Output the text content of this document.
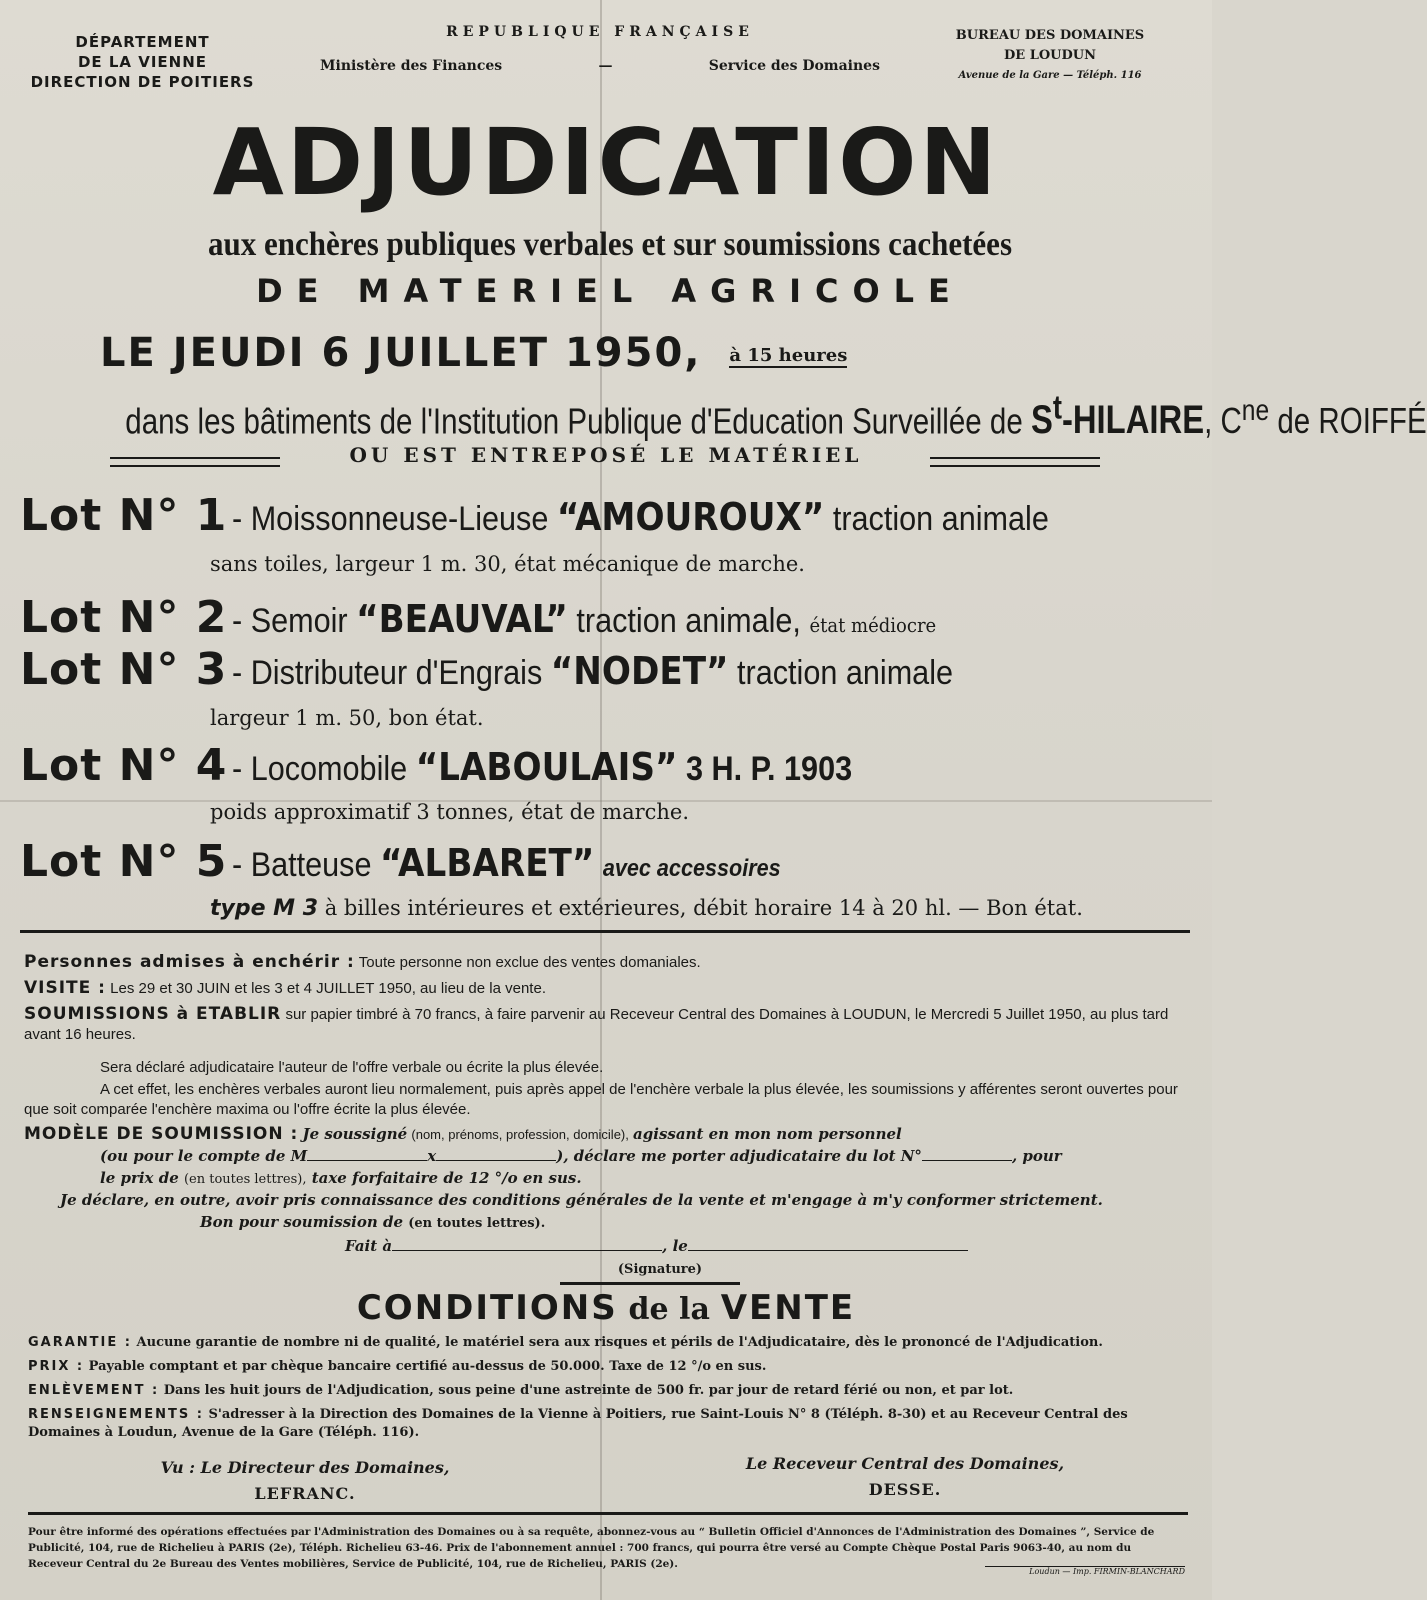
DÉPARTEMENT
DE LA VIENNE
DIRECTION DE POITIERS
REPUBLIQUE FRANÇAISE
Ministère des Finances	—	Service des Domaines
BUREAU DES DOMAINES
DE LOUDUN
Avenue de la Gare — Téléph. 116
ADJUDICATION
aux enchères publiques verbales et sur soumissions cachetées
DE MATERIEL AGRICOLE
LE JEUDI 6 JUILLET 1950, à 15 heures
dans les bâtiments de l'Institution Publique d'Education Surveillée de $S^t$-HILAIRE, $C^{ne}$ de ROIFFÉ
OU EST ENTREPOSÉ LE MATÉRIEL
Lot N° 1 - Moissonneuse-Lieuse “AMOUROUX” traction animale
sans toiles, largeur 1 m. 30, état mécanique de marche.
Lot N° 2 - Semoir “BEAUVAL” traction animale, état médiocre
Lot N° 3 - Distributeur d'Engrais “NODET” traction animale
largeur 1 m. 50, bon état.
Lot N° 4 - Locomobile “LABOULAIS” 3 H. P. 1903
poids approximatif 3 tonnes, état de marche.
Lot N° 5 - Batteuse “ALBARET” avec accessoires
type M 3 à billes intérieures et extérieures, débit horaire 14 à 20 hl. — Bon état.
Personnes admises à enchérir : Toute personne non exclue des ventes domaniales.
VISITE : Les 29 et 30 JUIN et les 3 et 4 JUILLET 1950, au lieu de la vente.
SOUMISSIONS à ETABLIR sur papier timbré à 70 francs, à faire parvenir au Receveur Central des Domaines à LOUDUN, le Mercredi 5 Juillet 1950, au plus tard avant 16 heures.
Sera déclaré adjudicataire l'auteur de l'offre verbale ou écrite la plus élevée.
A cet effet, les enchères verbales auront lieu normalement, puis après appel de l'enchère verbale la plus élevée, les soumissions y afférentes seront ouvertes pour que soit comparée l'enchère maxima ou l'offre écrite la plus élevée.
MODÈLE DE SOUMISSION : Je soussigné (nom, prénoms, profession, domicile), agissant en mon nom personnel
(ou pour le compte de M	x	), déclare me porter adjudicataire du lot N°	, pour
le prix de (en toutes lettres), taxe forfaitaire de 12 °/o en sus.
Je déclare, en outre, avoir pris connaissance des conditions générales de la vente et m'engage à m'y conformer strictement.
Bon pour soumission de (en toutes lettres).
Fait à	, le
(Signature)
CONDITIONS de la VENTE
GARANTIE : Aucune garantie de nombre ni de qualité, le matériel sera aux risques et périls de l'Adjudicataire, dès le prononcé de l'Adjudication.
PRIX : Payable comptant et par chèque bancaire certifié au-dessus de 50.000. Taxe de 12 °/o en sus.
ENLÈVEMENT : Dans les huit jours de l'Adjudication, sous peine d'une astreinte de 500 fr. par jour de retard férié ou non, et par lot.
RENSEIGNEMENTS : S'adresser à la Direction des Domaines de la Vienne à Poitiers, rue Saint-Louis N° 8 (Téléph. 8-30) et au Receveur Central des Domaines à Loudun, Avenue de la Gare (Téléph. 116).
Vu : Le Directeur des Domaines,
LEFRANC.
Le Receveur Central des Domaines,
DESSE.
Pour être informé des opérations effectuées par l'Administration des Domaines ou à sa requête, abonnez-vous au “ Bulletin Officiel d'Annonces de l'Administration des Domaines ”, Service de Publicité, 104, rue de Richelieu à PARIS (2e), Téléph. Richelieu 63-46. Prix de l'abonnement annuel : 700 francs, qui pourra être versé au Compte Chèque Postal Paris 9063-40, au nom du Receveur Central du 2e Bureau des Ventes mobilières, Service de Publicité, 104, rue de Richelieu, PARIS (2e).
Loudun — Imp. FIRMIN-BLANCHARD
